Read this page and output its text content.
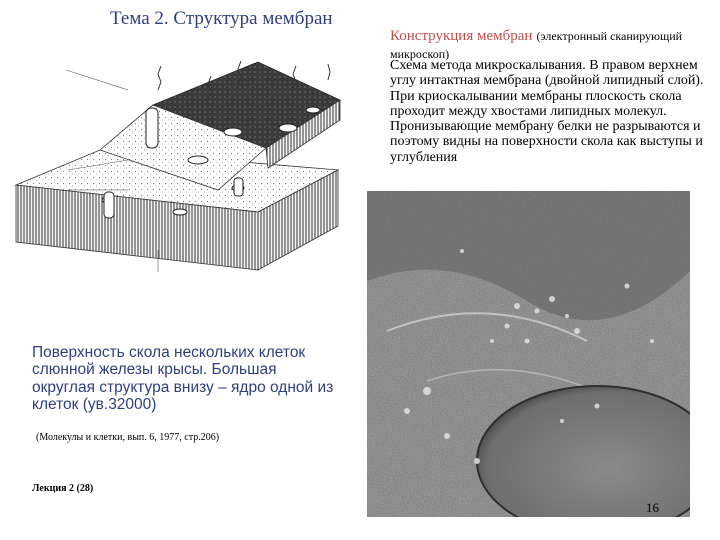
Тема 2. Структура мембран
Конструкция мембран (электронный сканирующий микроскоп)
Схема метода микроскалывания. В правом верхнем углу интактная мембрана (двойной липидный слой). При криоскалывании мембраны плоскость скола проходит между хвостами липидных молекул. Пронизывающие мембрану белки не разрываются и поэтому видны на поверхности скола как выступы и углубления
Поверхность скола нескольких клеток слюнной железы крысы. Большая округлая структура внизу – ядро одной из клеток (ув.32000)
(Молекулы и клетки, вып. 6, 1977, стр.206)
Лекция 2 (28)
16
